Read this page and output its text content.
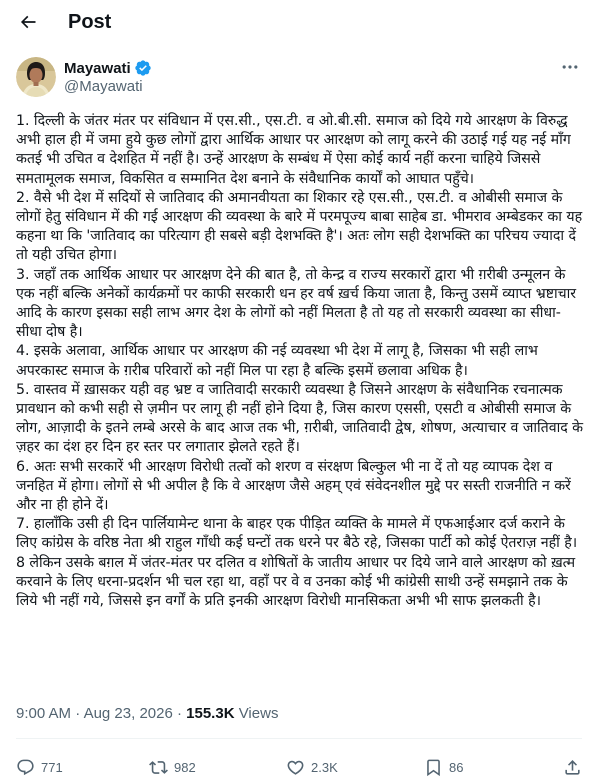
Post
Mayawati
@Mayawati

1. दिल्ली के जंतर मंतर पर संविधान में एस.सी., एस.टी. व ओ.बी.सी. समाज को दिये गये आरक्षण के विरुद्ध अभी हाल ही में जमा हुये कुछ लोगों द्वारा आर्थिक आधार पर आरक्षण को लागू करने की उठाई गई यह नई माँग कतई भी उचित व देशहित में नहीं है। उन्हें आरक्षण के सम्बंध में ऐसा कोई कार्य नहीं करना चाहिये जिससे समतामूलक समाज, विकसित व सम्मानित देश बनाने के संवैधानिक कार्यों को आघात पहुँचे।

2. वैसे भी देश में सदियों से जातिवाद की अमानवीयता का शिकार रहे एस.सी., एस.टी. व ओबीसी समाज के लोगों हेतु संविधान में की गई आरक्षण की व्यवस्था के बारे में परमपूज्य बाबा साहेब डा. भीमराव अम्बेडकर का यह कहना था कि 'जातिवाद का परित्याग ही सबसे बड़ी देशभक्ति है'। अतः लोग सही देशभक्ति का परिचय ज्यादा दें तो यही उचित होगा।

3. जहाँ तक आर्थिक आधार पर आरक्षण देने की बात है, तो केन्द्र व राज्य सरकारों द्वारा भी ग़रीबी उन्मूलन के एक नहीं बल्कि अनेकों कार्यक्रमों पर काफी सरकारी धन हर वर्ष ख़र्च किया जाता है, किन्तु उसमें व्याप्त भ्रष्टाचार आदि के कारण इसका सही लाभ अगर देश के लोगों को नहीं मिलता है तो यह तो सरकारी व्यवस्था का सीधा-सीधा दोष है।

4. इसके अलावा, आर्थिक आधार पर आरक्षण की नई व्यवस्था भी देश में लागू है, जिसका भी सही लाभ अपरकास्ट समाज के ग़रीब परिवारों को नहीं मिल पा रहा है बल्कि इसमें छलावा अधिक है।

5. वास्तव में ख़ासकर यही वह भ्रष्ट व जातिवादी सरकारी व्यवस्था है जिसने आरक्षण के संवैधानिक रचनात्मक प्रावधान को कभी सही से ज़मीन पर लागू ही नहीं होने दिया है, जिस कारण एससी, एसटी व ओबीसी समाज के लोग, आज़ादी के इतने लम्बे अरसे के बाद आज तक भी, ग़रीबी, जातिवादी द्वेष, शोषण, अत्याचार व जातिवाद के ज़हर का दंश हर दिन हर स्तर पर लगातार झेलते रहते हैं।

6. अतः सभी सरकारें भी आरक्षण विरोधी तत्वों को शरण व संरक्षण बिल्कुल भी ना दें तो यह व्यापक देश व जनहित में होगा। लोगों से भी अपील है कि वे आरक्षण जैसे अहम् एवं संवेदनशील मुद्दे पर सस्ती राजनीति न करें और ना ही होने दें।

7. हालाँकि उसी ही दिन पार्लियामेन्ट थाना के बाहर एक पीड़ित व्यक्ति के मामले में एफआईआर दर्ज कराने के लिए कांग्रेस के वरिष्ठ नेता श्री राहुल गाँधी कई घन्टों तक धरने पर बैठे रहे, जिसका पार्टी को कोई ऐतराज़ नहीं है।

8 लेकिन उसके बग़ल में जंतर-मंतर पर दलित व शोषितों के जातीय आधार पर दिये जाने वाले आरक्षण को ख़त्म करवाने के लिए धरना-प्रदर्शन भी चल रहा था, वहाँ पर वे व उनका कोई भी कांग्रेसी साथी उन्हें समझाने तक के लिये भी नहीं गये, जिससे इन वर्गों के प्रति इनकी आरक्षण विरोधी मानसिकता अभी भी साफ झलकती है।

9:00 AM · Aug 23, 2026 · 155.3K Views
771	982	2.3K	86
